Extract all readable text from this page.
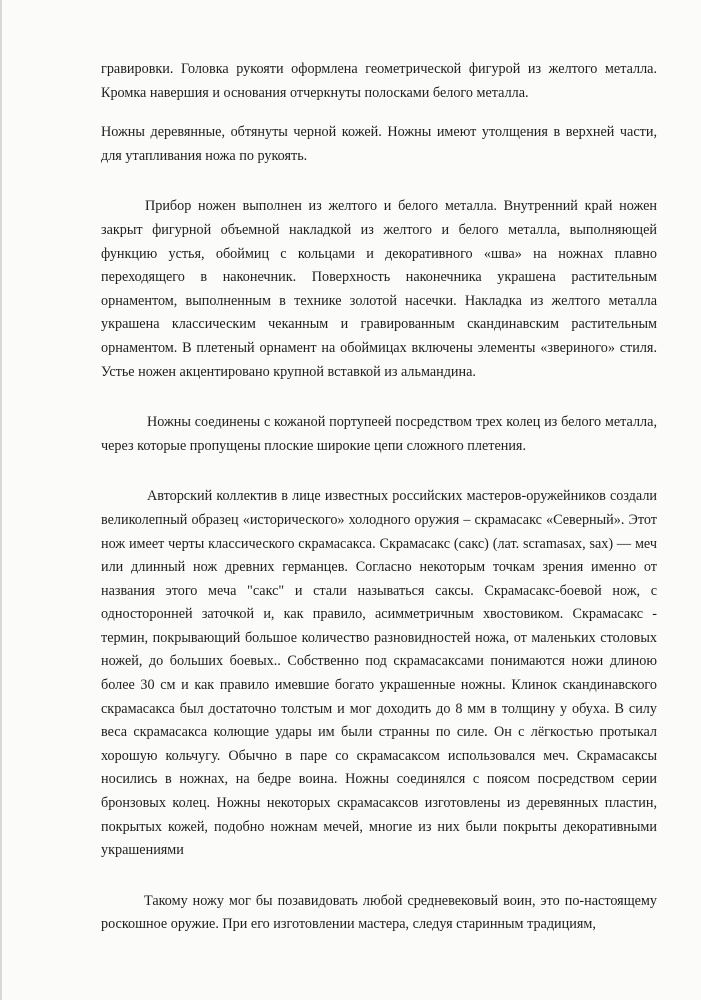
гравировки. Головка рукояти оформлена геометрической фигурой из желтого металла. Кромка навершия и основания отчеркнуты полосками белого металла.

Ножны деревянные, обтянуты черной кожей. Ножны имеют утолщения в верхней части, для утапливания ножа по рукоять.

Прибор ножен выполнен из желтого и белого металла. Внутренний край ножен закрыт фигурной объемной накладкой из желтого и белого металла, выполняющей функцию устья, обоймиц с кольцами и декоративного «шва» на ножнах плавно переходящего в наконечник. Поверхность наконечника украшена растительным орнаментом, выполненным в технике золотой насечки. Накладка из желтого металла украшена классическим чеканным и гравированным скандинавским растительным орнаментом. В плетеный орнамент на обоймицах включены элементы «звериного» стиля. Устье ножен акцентировано крупной вставкой из альмандина.

Ножны соединены с кожаной портупеей посредством трех колец из белого металла, через которые пропущены плоские широкие цепи сложного плетения.

Авторский коллектив в лице известных российских мастеров-оружейников создали великолепный образец «исторического» холодного оружия – скрамасакс «Северный». Этот нож имеет черты классического скрамасакса. Скрамасакс (сакс) (лат. scramasax, sax) — меч или длинный нож древних германцев. Согласно некоторым точкам зрения именно от названия этого меча "сакс" и стали называться саксы. Скрамасакс-боевой нож, с односторонней заточкой и, как правило, асимметричным хвостовиком. Скрамасакс - термин, покрывающий большое количество разновидностей ножа, от маленьких столовых ножей, до больших боевых.. Собственно под скрамасаксами понимаются ножи длиною более 30 см и как правило имевшие богато украшенные ножны. Клинок скандинавского скрамасакса был достаточно толстым и мог доходить до 8 мм в толщину у обуха. В силу веса скрамасакса колющие удары им были странны по силе. Он с лёгкостью протыкал хорошую кольчугу. Обычно в паре со скрамасаксом использовался меч. Скрамасаксы носились в ножнах, на бедре воина. Ножны соединялся с поясом посредством серии бронзовых колец. Ножны некоторых скрамасаксов изготовлены из деревянных пластин, покрытых кожей, подобно ножнам мечей, многие из них были покрыты декоративными украшениями

Такому ножу мог бы позавидовать любой средневековый воин, это по-настоящему роскошное оружие. При его изготовлении мастера, следуя старинным традициям,
